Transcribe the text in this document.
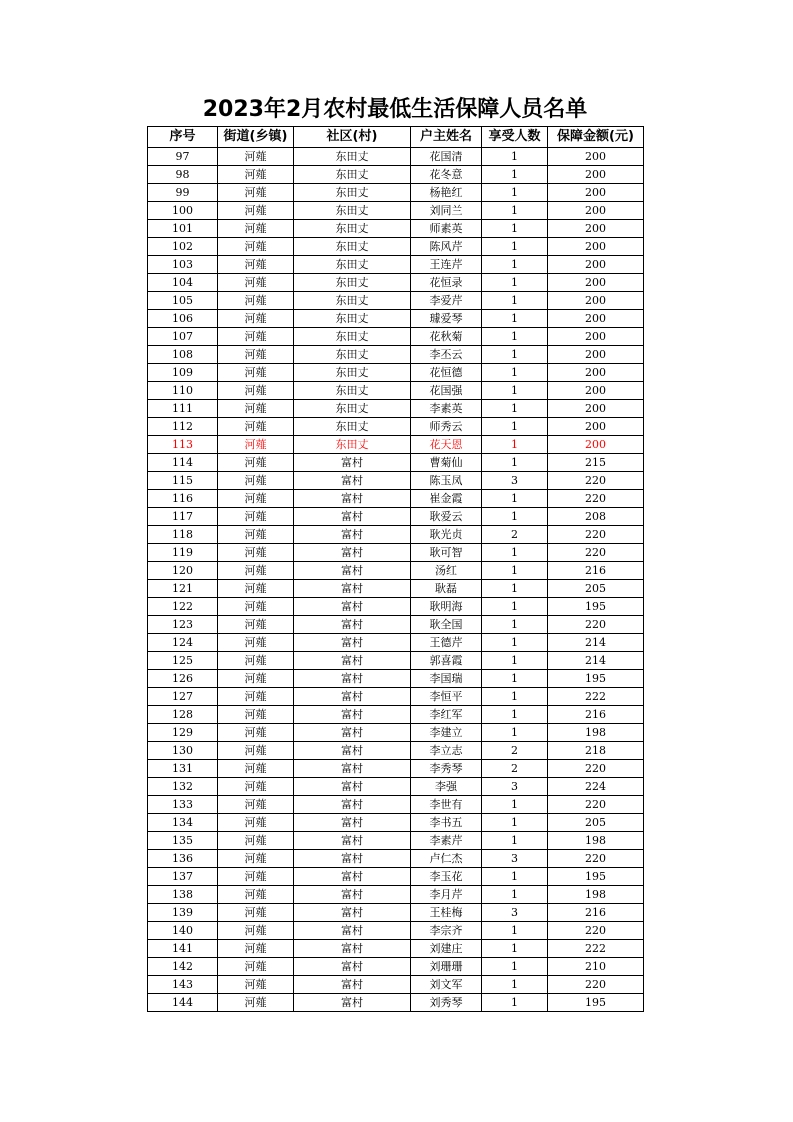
2023年2月农村最低生活保障人员名单
序号	街道(乡镇)	社区(村)	户主姓名	享受人数	保障金额(元)
97	河薤	东田丈	花国清	1	200
98	河薤	东田丈	花冬意	1	200
99	河薤	东田丈	杨艳红	1	200
100	河薤	东田丈	刘同兰	1	200
101	河薤	东田丈	师素英	1	200
102	河薤	东田丈	陈风芹	1	200
103	河薤	东田丈	王连芹	1	200
104	河薤	东田丈	花恒录	1	200
105	河薤	东田丈	李爱芹	1	200
106	河薤	东田丈	璩爱琴	1	200
107	河薤	东田丈	花秋菊	1	200
108	河薤	东田丈	李丕云	1	200
109	河薤	东田丈	花恒德	1	200
110	河薤	东田丈	花国强	1	200
111	河薤	东田丈	李素英	1	200
112	河薤	东田丈	师秀云	1	200
113	河薤	东田丈	花天恩	1	200
114	河薤	富村	曹菊仙	1	215
115	河薤	富村	陈玉凤	3	220
116	河薤	富村	崔金霞	1	220
117	河薤	富村	耿爱云	1	208
118	河薤	富村	耿光贞	2	220
119	河薤	富村	耿可智	1	220
120	河薤	富村	汤红	1	216
121	河薤	富村	耿磊	1	205
122	河薤	富村	耿明海	1	195
123	河薤	富村	耿全国	1	220
124	河薤	富村	王德芹	1	214
125	河薤	富村	郭喜霞	1	214
126	河薤	富村	李国瑞	1	195
127	河薤	富村	李恒平	1	222
128	河薤	富村	李红军	1	216
129	河薤	富村	李建立	1	198
130	河薤	富村	李立志	2	218
131	河薤	富村	李秀琴	2	220
132	河薤	富村	李强	3	224
133	河薤	富村	李世有	1	220
134	河薤	富村	李书五	1	205
135	河薤	富村	李素芹	1	198
136	河薤	富村	卢仁杰	3	220
137	河薤	富村	李玉花	1	195
138	河薤	富村	李月芹	1	198
139	河薤	富村	王桂梅	3	216
140	河薤	富村	李宗齐	1	220
141	河薤	富村	刘建庄	1	222
142	河薤	富村	刘珊珊	1	210
143	河薤	富村	刘文军	1	220
144	河薤	富村	刘秀琴	1	195
